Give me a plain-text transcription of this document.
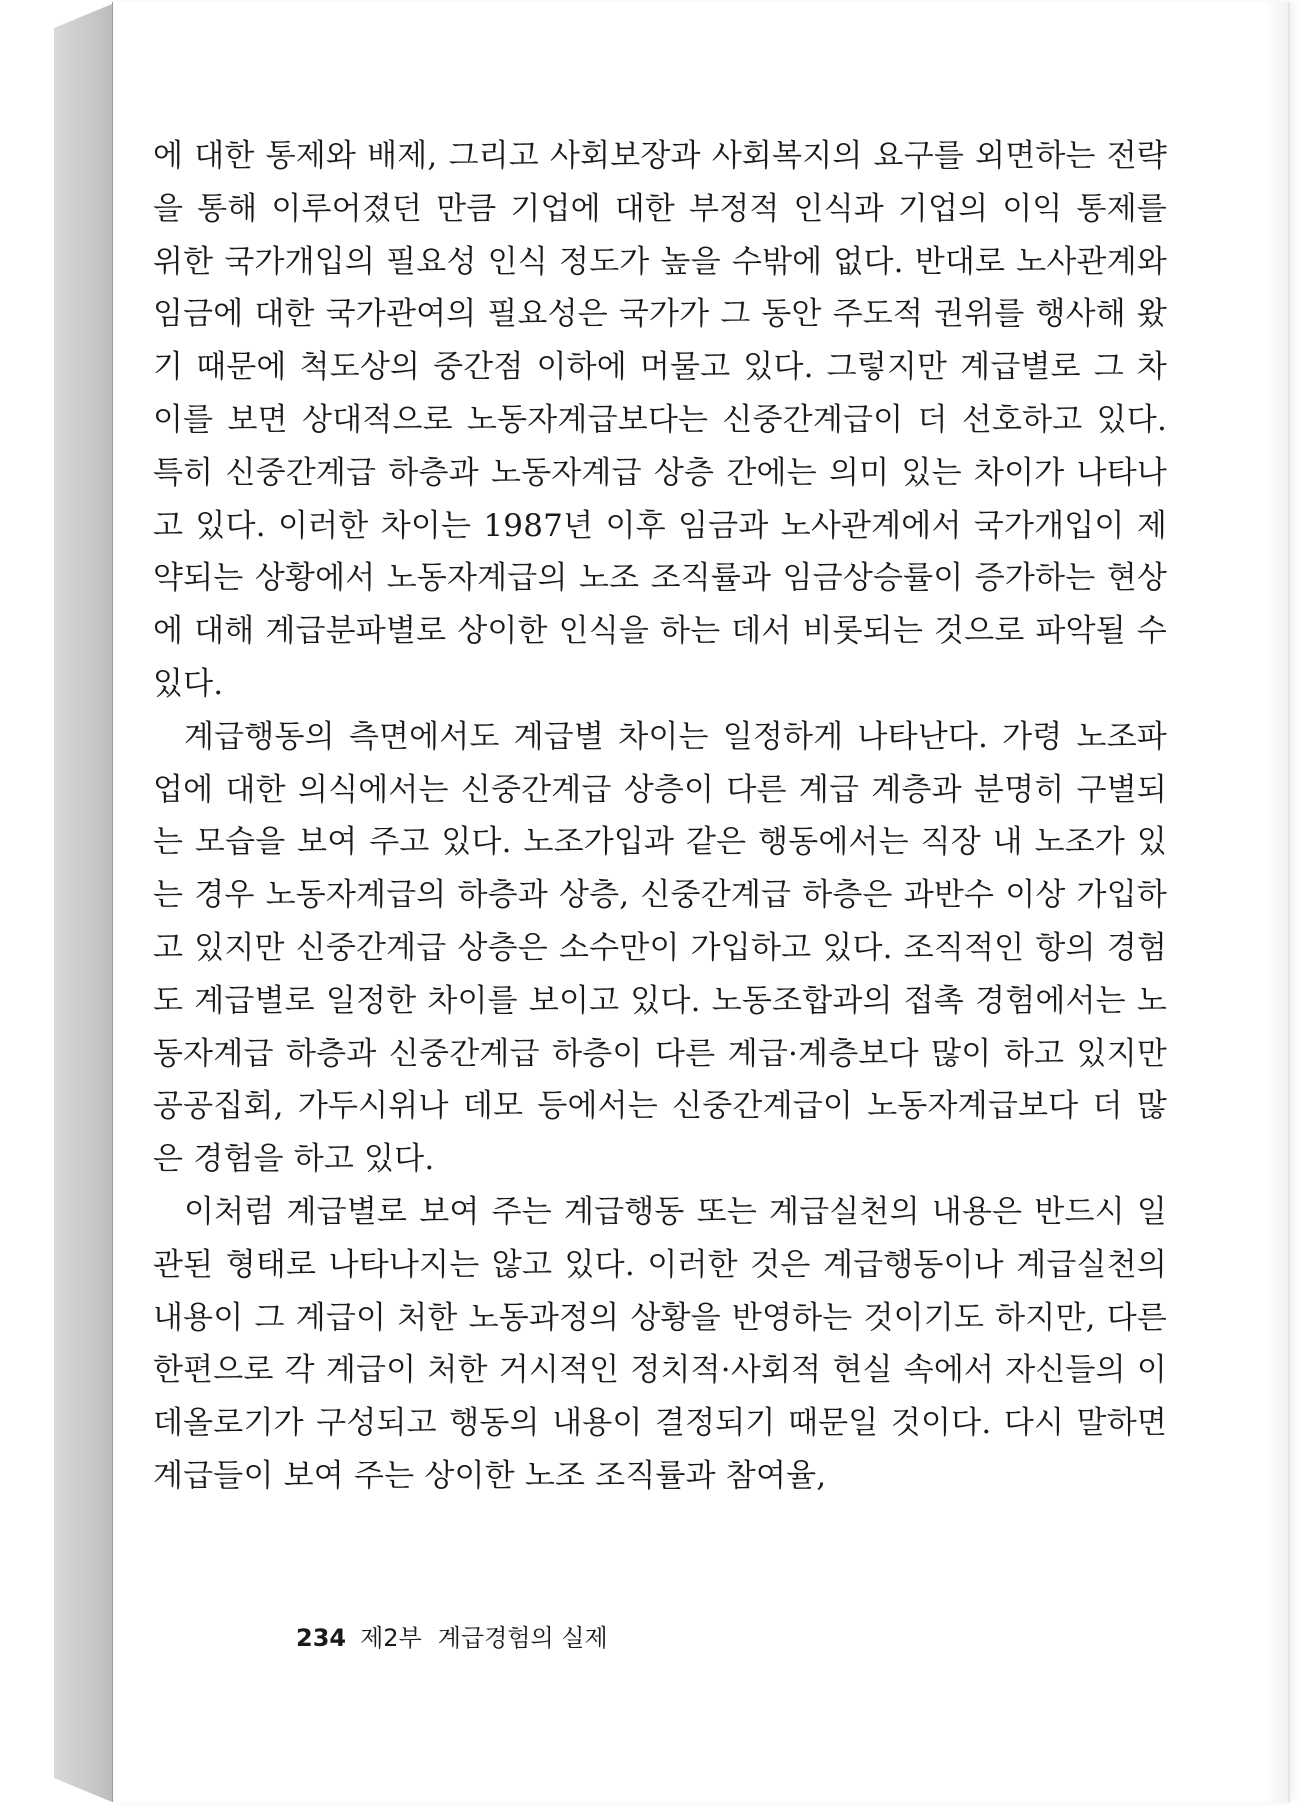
에 대한 통제와 배제, 그리고 사회보장과 사회복지의 요구를 외면하는 전략을 통해 이루어졌던 만큼 기업에 대한 부정적 인식과 기업의 이익 통제를 위한 국가개입의 필요성 인식 정도가 높을 수밖에 없다. 반대로 노사관계와 임금에 대한 국가관여의 필요성은 국가가 그 동안 주도적 권위를 행사해 왔기 때문에 척도상의 중간점 이하에 머물고 있다. 그렇지만 계급별로 그 차이를 보면 상대적으로 노동자계급보다는 신중간계급이 더 선호하고 있다. 특히 신중간계급 하층과 노동자계급 상층 간에는 의미 있는 차이가 나타나고 있다. 이러한 차이는 1987년 이후 임금과 노사관계에서 국가개입이 제약되는 상황에서 노동자계급의 노조 조직률과 임금상승률이 증가하는 현상에 대해 계급분파별로 상이한 인식을 하는 데서 비롯되는 것으로 파악될 수 있다.

계급행동의 측면에서도 계급별 차이는 일정하게 나타난다. 가령 노조파업에 대한 의식에서는 신중간계급 상층이 다른 계급 계층과 분명히 구별되는 모습을 보여 주고 있다. 노조가입과 같은 행동에서는 직장 내 노조가 있는 경우 노동자계급의 하층과 상층, 신중간계급 하층은 과반수 이상 가입하고 있지만 신중간계급 상층은 소수만이 가입하고 있다. 조직적인 항의 경험도 계급별로 일정한 차이를 보이고 있다. 노동조합과의 접촉 경험에서는 노동자계급 하층과 신중간계급 하층이 다른 계급·계층보다 많이 하고 있지만 공공집회, 가두시위나 데모 등에서는 신중간계급이 노동자계급보다 더 많은 경험을 하고 있다.

이처럼 계급별로 보여 주는 계급행동 또는 계급실천의 내용은 반드시 일관된 형태로 나타나지는 않고 있다. 이러한 것은 계급행동이나 계급실천의 내용이 그 계급이 처한 노동과정의 상황을 반영하는 것이기도 하지만, 다른 한편으로 각 계급이 처한 거시적인 정치적·사회적 현실 속에서 자신들의 이데올로기가 구성되고 행동의 내용이 결정되기 때문일 것이다. 다시 말하면 계급들이 보여 주는 상이한 노조 조직률과 참여율,

234 제2부 계급경험의 실제
